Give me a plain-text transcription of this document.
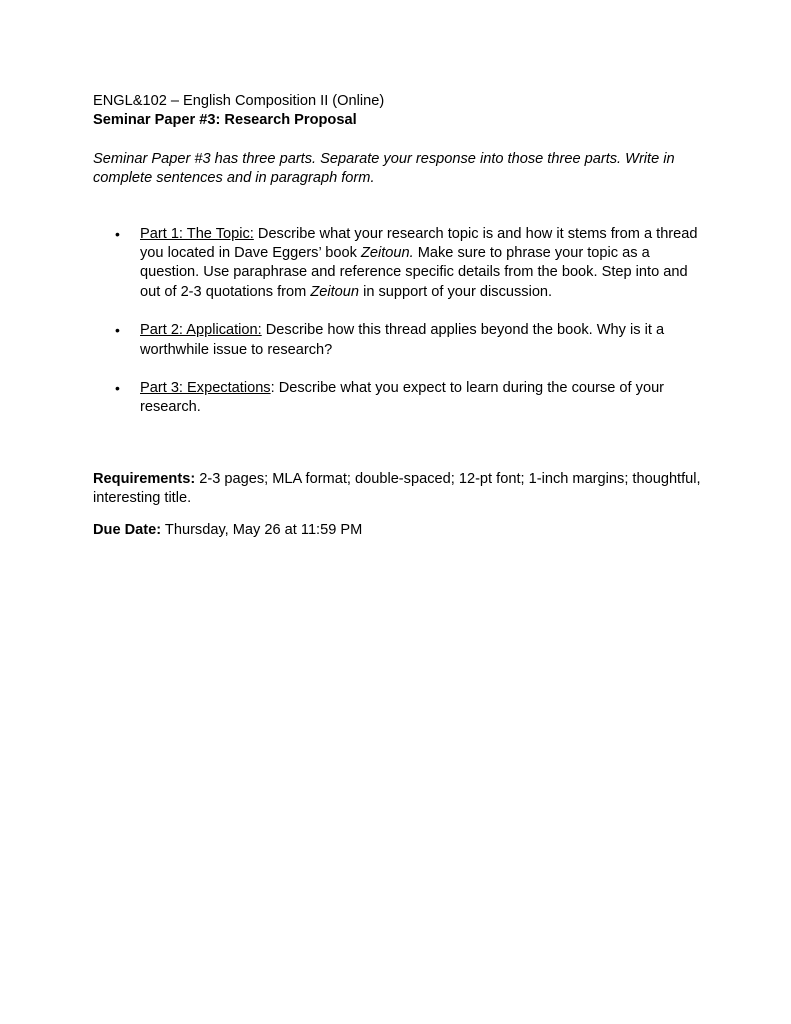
ENGL&102 – English Composition II (Online)

Seminar Paper #3: Research Proposal

Seminar Paper #3 has three parts. Separate your response into those three parts. Write in complete sentences and in paragraph form.

• Part 1: The Topic: Describe what your research topic is and how it stems from a thread you located in Dave Eggers’ book Zeitoun. Make sure to phrase your topic as a question. Use paraphrase and reference specific details from the book. Step into and out of 2-3 quotations from Zeitoun in support of your discussion.
• Part 2: Application: Describe how this thread applies beyond the book. Why is it a worthwhile issue to research?
• Part 3: Expectations: Describe what you expect to learn during the course of your research.

Requirements: 2-3 pages; MLA format; double-spaced; 12-pt font; 1-inch margins; thoughtful, interesting title.

Due Date: Thursday, May 26 at 11:59 PM
